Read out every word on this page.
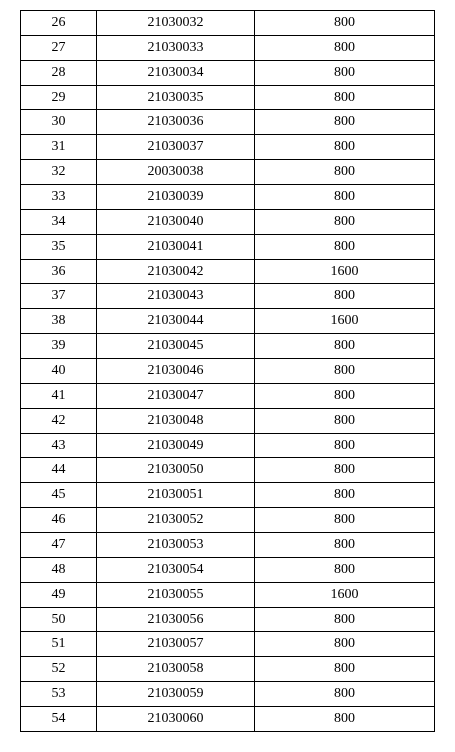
26	21030032	800
27	21030033	800
28	21030034	800
29	21030035	800
30	21030036	800
31	21030037	800
32	20030038	800
33	21030039	800
34	21030040	800
35	21030041	800
36	21030042	1600
37	21030043	800
38	21030044	1600
39	21030045	800
40	21030046	800
41	21030047	800
42	21030048	800
43	21030049	800
44	21030050	800
45	21030051	800
46	21030052	800
47	21030053	800
48	21030054	800
49	21030055	1600
50	21030056	800
51	21030057	800
52	21030058	800
53	21030059	800
54	21030060	800
